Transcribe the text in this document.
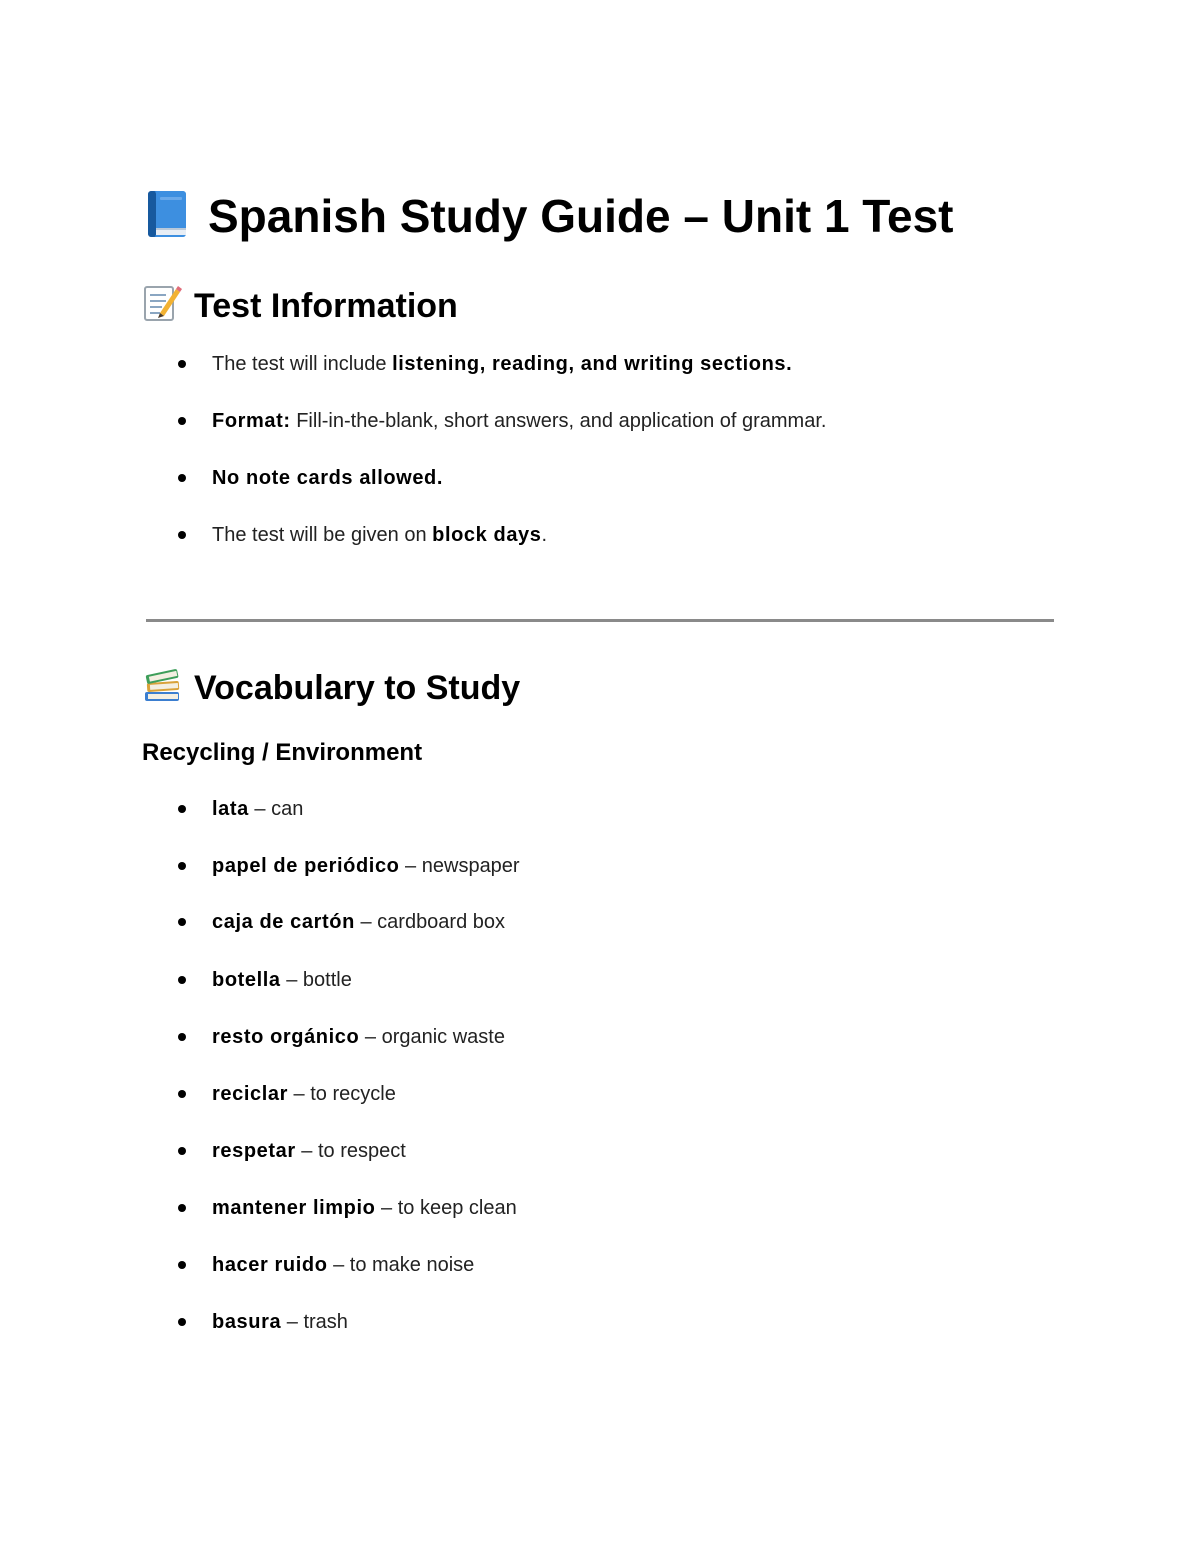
Spanish Study Guide – Unit 1 Test
Test Information
The test will include listening, reading, and writing sections.
Format: Fill-in-the-blank, short answers, and application of grammar.
No note cards allowed.
The test will be given on block days.
Vocabulary to Study
Recycling / Environment
lata – can
papel de periódico – newspaper
caja de cartón – cardboard box
botella – bottle
resto orgánico – organic waste
reciclar – to recycle
respetar – to respect
mantener limpio – to keep clean
hacer ruido – to make noise
basura – trash
